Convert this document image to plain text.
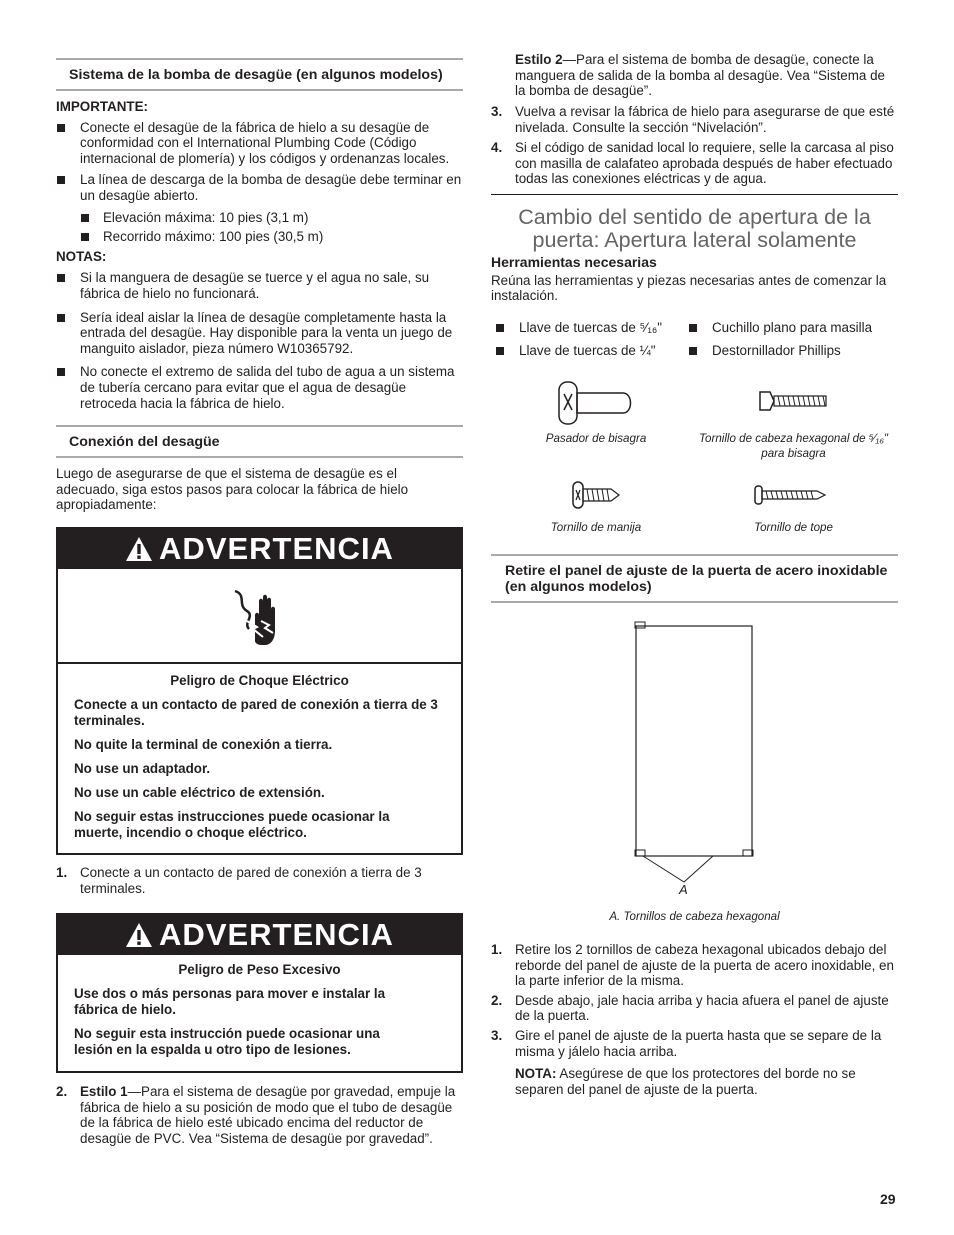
Sistema de la bomba de desagüe (en algunos modelos)
IMPORTANTE:
Conecte el desagüe de la fábrica de hielo a su desagüe de conformidad con el International Plumbing Code (Código internacional de plomería) y los códigos y ordenanzas locales.
La línea de descarga de la bomba de desagüe debe terminar en un desagüe abierto.
Elevación máxima: 10 pies (3,1 m)
Recorrido máximo: 100 pies (30,5 m)
NOTAS:
Si la manguera de desagüe se tuerce y el agua no sale, su fábrica de hielo no funcionará.
Sería ideal aislar la línea de desagüe completamente hasta la entrada del desagüe. Hay disponible para la venta un juego de manguito aislador, pieza número W10365792.
No conecte el extremo de salida del tubo de agua a un sistema de tubería cercano para evitar que el agua de desagüe retroceda hacia la fábrica de hielo.
Conexión del desagüe
Luego de asegurarse de que el sistema de desagüe es el adecuado, siga estos pasos para colocar la fábrica de hielo apropiadamente:
ADVERTENCIA

Peligro de Choque Eléctrico

Conecte a un contacto de pared de conexión a tierra de 3 terminales.

No quite la terminal de conexión a tierra.

No use un adaptador.

No use un cable eléctrico de extensión.

No seguir estas instrucciones puede ocasionar la muerte, incendio o choque eléctrico.

1. Conecte a un contacto de pared de conexión a tierra de 3 terminales.
ADVERTENCIA

Peligro de Peso Excesivo

Use dos o más personas para mover e instalar la fábrica de hielo.

No seguir esta instrucción puede ocasionar una lesión en la espalda u otro tipo de lesiones.

2. Estilo 1—Para el sistema de desagüe por gravedad, empuje la fábrica de hielo a su posición de modo que el tubo de desagüe de la fábrica de hielo esté ubicado encima del reductor de desagüe de PVC. Vea “Sistema de desagüe por gravedad”.
Estilo 2—Para el sistema de bomba de desagüe, conecte la manguera de salida de la bomba al desagüe. Vea “Sistema de la bomba de desagüe”.
3. Vuelva a revisar la fábrica de hielo para asegurarse de que esté nivelada. Consulte la sección “Nivelación”.
4. Si el código de sanidad local lo requiere, selle la carcasa al piso con masilla de calafateo aprobada después de haber efectuado todas las conexiones eléctricas y de agua.
Cambio del sentido de apertura de la puerta: Apertura lateral solamente
Herramientas necesarias
Reúna las herramientas y piezas necesarias antes de comenzar la instalación.
Llave de tuercas de ⁵⁄₁₆"	Cuchillo plano para masilla
Llave de tuercas de ¼"	Destornillador Phillips
Pasador de bisagra	Tornillo de cabeza hexagonal de ⁵⁄₁₆" para bisagra
Tornillo de manija	Tornillo de tope
Retire el panel de ajuste de la puerta de acero inoxidable (en algunos modelos)
A
A. Tornillos de cabeza hexagonal
1. Retire los 2 tornillos de cabeza hexagonal ubicados debajo del reborde del panel de ajuste de la puerta de acero inoxidable, en la parte inferior de la misma.
2. Desde abajo, jale hacia arriba y hacia afuera el panel de ajuste de la puerta.
3. Gire el panel de ajuste de la puerta hasta que se separe de la misma y jálelo hacia arriba.
NOTA: Asegúrese de que los protectores del borde no se separen del panel de ajuste de la puerta.
29
